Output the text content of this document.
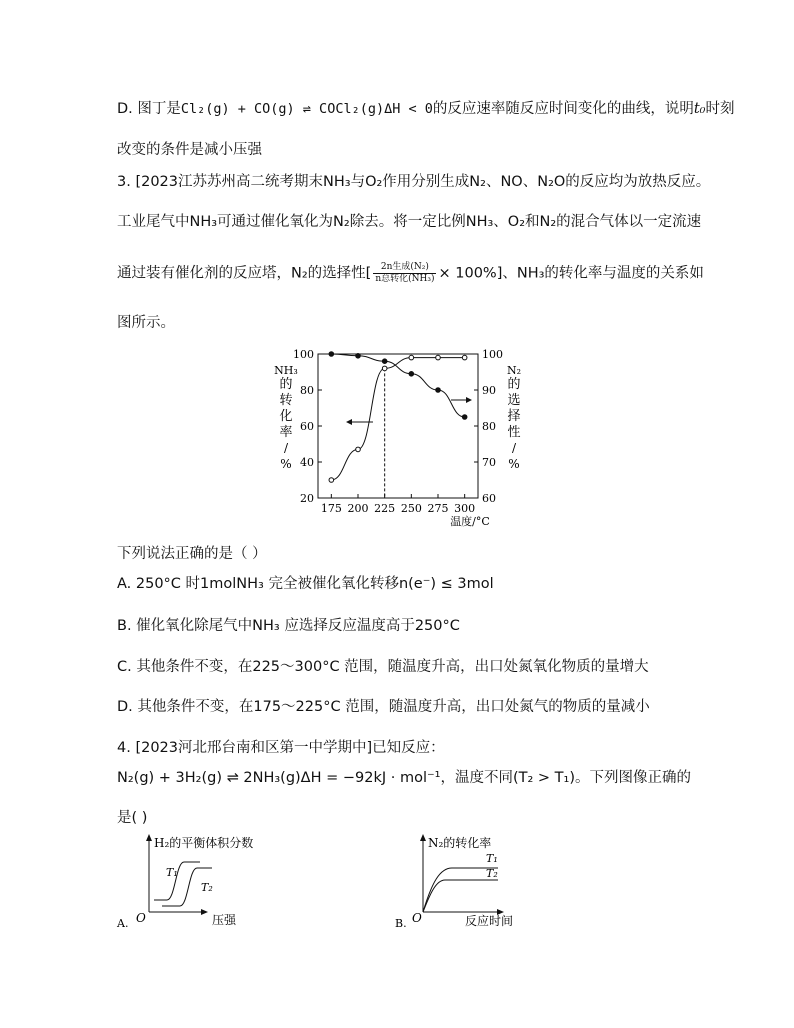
D. 图丁是Cl₂(g) + CO(g) ⇌ COCl₂(g)ΔH < 0的反应速率随反应时间变化的曲线，说明t₀时刻
改变的条件是减小压强
3. [2023江苏苏州高二统考期末NH₃与O₂作用分别生成N₂、NO、N₂O的反应均为放热反应。
工业尾气中NH₃可通过催化氧化为N₂除去。将一定比例NH₃、O₂和N₂的混合气体以一定流速
通过装有催化剂的反应塔，N₂的选择性[ $\frac{\text{2n生成(N₂)}}{\text{n总转化(NH₃)}} \times 100\%$]、NH₃的转化率与温度的关系如
图所示。
20
40
60
80
100
60
70
80
90
100
175 200 225 250 275 300
温度/°C
NH₃
的
转
化
率
/
%
N₂
的
选
择
性
/
%
下列说法正确的是（ ）
A. 250°C 时1molNH₃ 完全被催化氧化转移n(e⁻) ≤ 3mol
B. 催化氧化除尾气中NH₃ 应选择反应温度高于250°C
C. 其他条件不变，在225～300°C 范围，随温度升高，出口处氮氧化物质的量增大
D. 其他条件不变，在175～225°C 范围，随温度升高，出口处氮气的物质的量减小
4. [2023河北邢台南和区第一中学期中]已知反应：
N₂(g) + 3H₂(g) ⇌ 2NH₃(g)ΔH = −92kJ · mol⁻¹，温度不同(T₂ > T₁)。下列图像正确的
是( )
A. O
H₂的平衡体积分数
压强
T₁
T₂
B. O
N₂的转化率
反应时间
T₁
T₂
